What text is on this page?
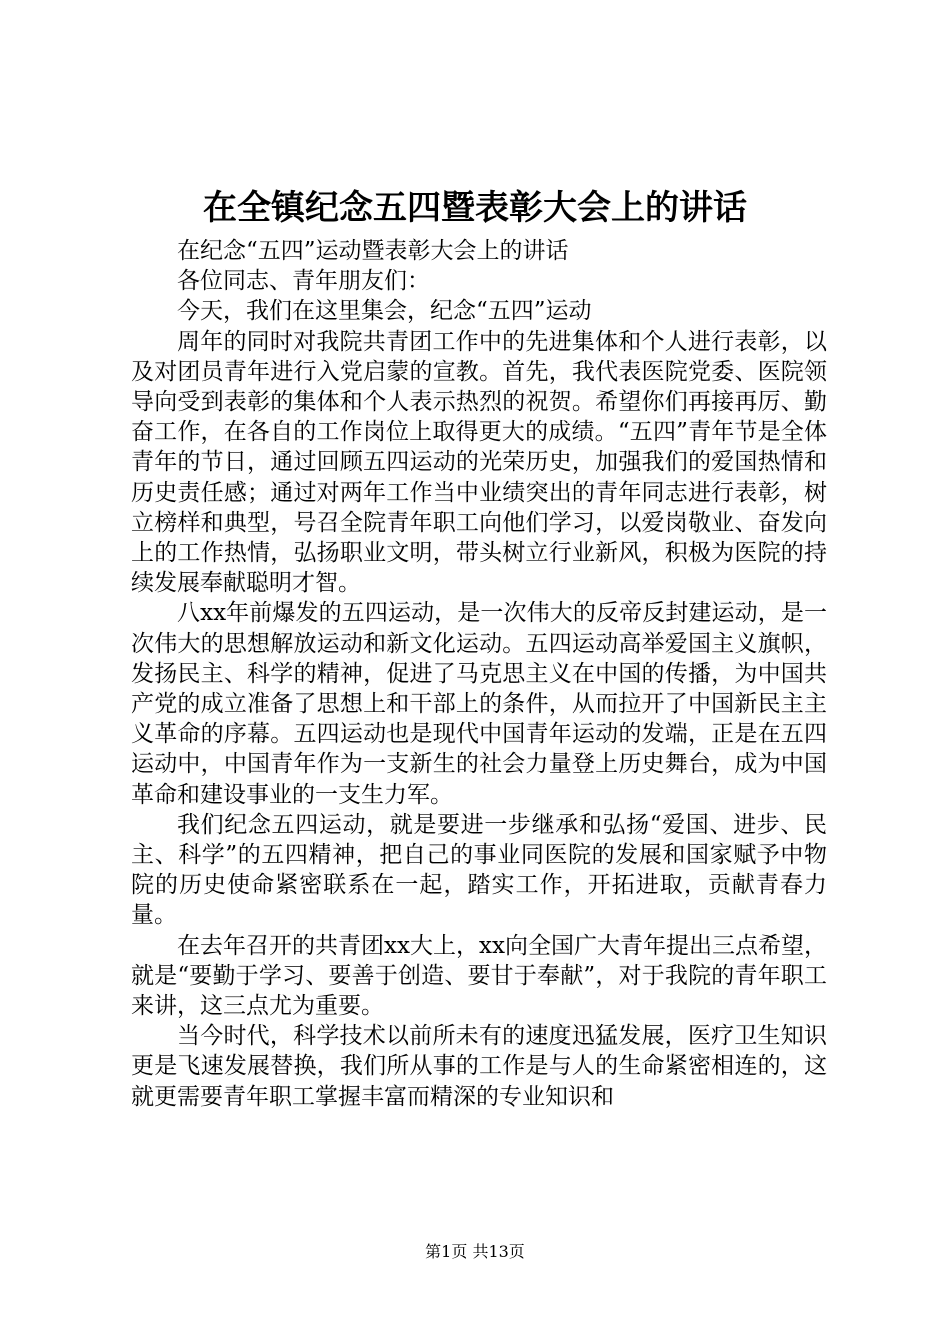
在全镇纪念五四暨表彰大会上的讲话

在纪念“五四”运动暨表彰大会上的讲话

各位同志、青年朋友们：

今天，我们在这里集会，纪念“五四”运动

周年的同时对我院共青团工作中的先进集体和个人进行表彰，以及对团员青年进行入党启蒙的宣教。首先，我代表医院党委、医院领导向受到表彰的集体和个人表示热烈的祝贺。希望你们再接再厉、勤奋工作，在各自的工作岗位上取得更大的成绩。“五四”青年节是全体青年的节日，通过回顾五四运动的光荣历史，加强我们的爱国热情和历史责任感；通过对两年工作当中业绩突出的青年同志进行表彰，树立榜样和典型，号召全院青年职工向他们学习，以爱岗敬业、奋发向上的工作热情，弘扬职业文明，带头树立行业新风，积极为医院的持续发展奉献聪明才智。

八xx年前爆发的五四运动，是一次伟大的反帝反封建运动，是一次伟大的思想解放运动和新文化运动。五四运动高举爱国主义旗帜，发扬民主、科学的精神，促进了马克思主义在中国的传播，为中国共产党的成立准备了思想上和干部上的条件，从而拉开了中国新民主主义革命的序幕。五四运动也是现代中国青年运动的发端，正是在五四运动中，中国青年作为一支新生的社会力量登上历史舞台，成为中国革命和建设事业的一支生力军。

我们纪念五四运动，就是要进一步继承和弘扬“爱国、进步、民主、科学”的五四精神，把自己的事业同医院的发展和国家赋予中物院的历史使命紧密联系在一起，踏实工作，开拓进取，贡献青春力量。

在去年召开的共青团xx大上，xx向全国广大青年提出三点希望，就是“要勤于学习、要善于创造、要甘于奉献”，对于我院的青年职工来讲，这三点尤为重要。

当今时代，科学技术以前所未有的速度迅猛发展，医疗卫生知识更是飞速发展替换，我们所从事的工作是与人的生命紧密相连的，这就更需要青年职工掌握丰富而精深的专业知识和

第1页 共13页
